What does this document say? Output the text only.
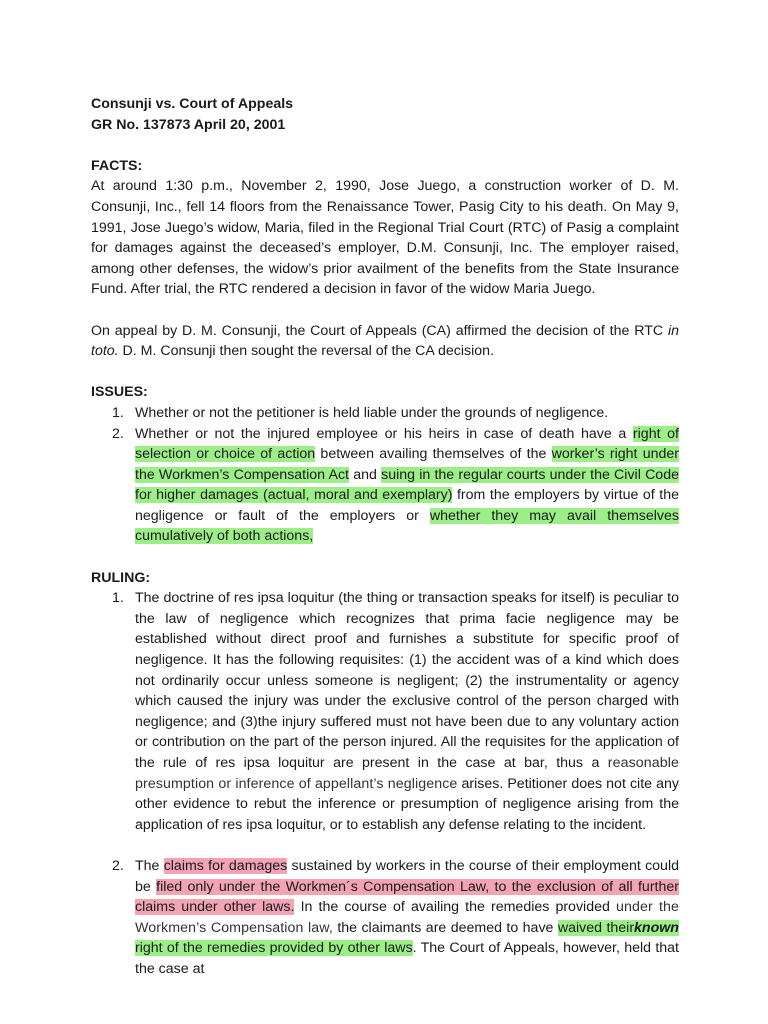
Consunji vs. Court of Appeals

GR No. 137873 April 20, 2001

FACTS:

At around 1:30 p.m., November 2, 1990, Jose Juego, a construction worker of D. M. Consunji, Inc., fell 14 floors from the Renaissance Tower, Pasig City to his death. On May 9, 1991, Jose Juego’s widow, Maria, filed in the Regional Trial Court (RTC) of Pasig a complaint for damages against the deceased’s employer, D.M. Consunji, Inc. The employer raised, among other defenses, the widow’s prior availment of the benefits from the State Insurance Fund. After trial, the RTC rendered a decision in favor of the widow Maria Juego.

On appeal by D. M. Consunji, the Court of Appeals (CA) affirmed the decision of the RTC in toto. D. M. Consunji then sought the reversal of the CA decision.

ISSUES:

1. Whether or not the petitioner is held liable under the grounds of negligence.
2. Whether or not the injured employee or his heirs in case of death have a right of selection or choice of action between availing themselves of the worker’s right under the Workmen’s Compensation Act and suing in the regular courts under the Civil Code for higher damages (actual, moral and exemplary) from the employers by virtue of the negligence or fault of the employers or whether they may avail themselves cumulatively of both actions,

RULING:

1. The doctrine of res ipsa loquitur (the thing or transaction speaks for itself) is peculiar to the law of negligence which recognizes that prima facie negligence may be established without direct proof and furnishes a substitute for specific proof of negligence. It has the following requisites: (1) the accident was of a kind which does not ordinarily occur unless someone is negligent; (2) the instrumentality or agency which caused the injury was under the exclusive control of the person charged with negligence; and (3)the injury suffered must not have been due to any voluntary action or contribution on the part of the person injured. All the requisites for the application of the rule of res ipsa loquitur are present in the case at bar, thus a reasonable presumption or inference of appellant’s negligence arises. Petitioner does not cite any other evidence to rebut the inference or presumption of negligence arising from the application of res ipsa loquitur, or to establish any defense relating to the incident.
2. The claims for damages sustained by workers in the course of their employment could be filed only under the Workmen´s Compensation Law, to the exclusion of all further claims under other laws. In the course of availing the remedies provided under the Workmen’s Compensation law, the claimants are deemed to have waived theirknown right of the remedies provided by other laws. The Court of Appeals, however, held that the case at
